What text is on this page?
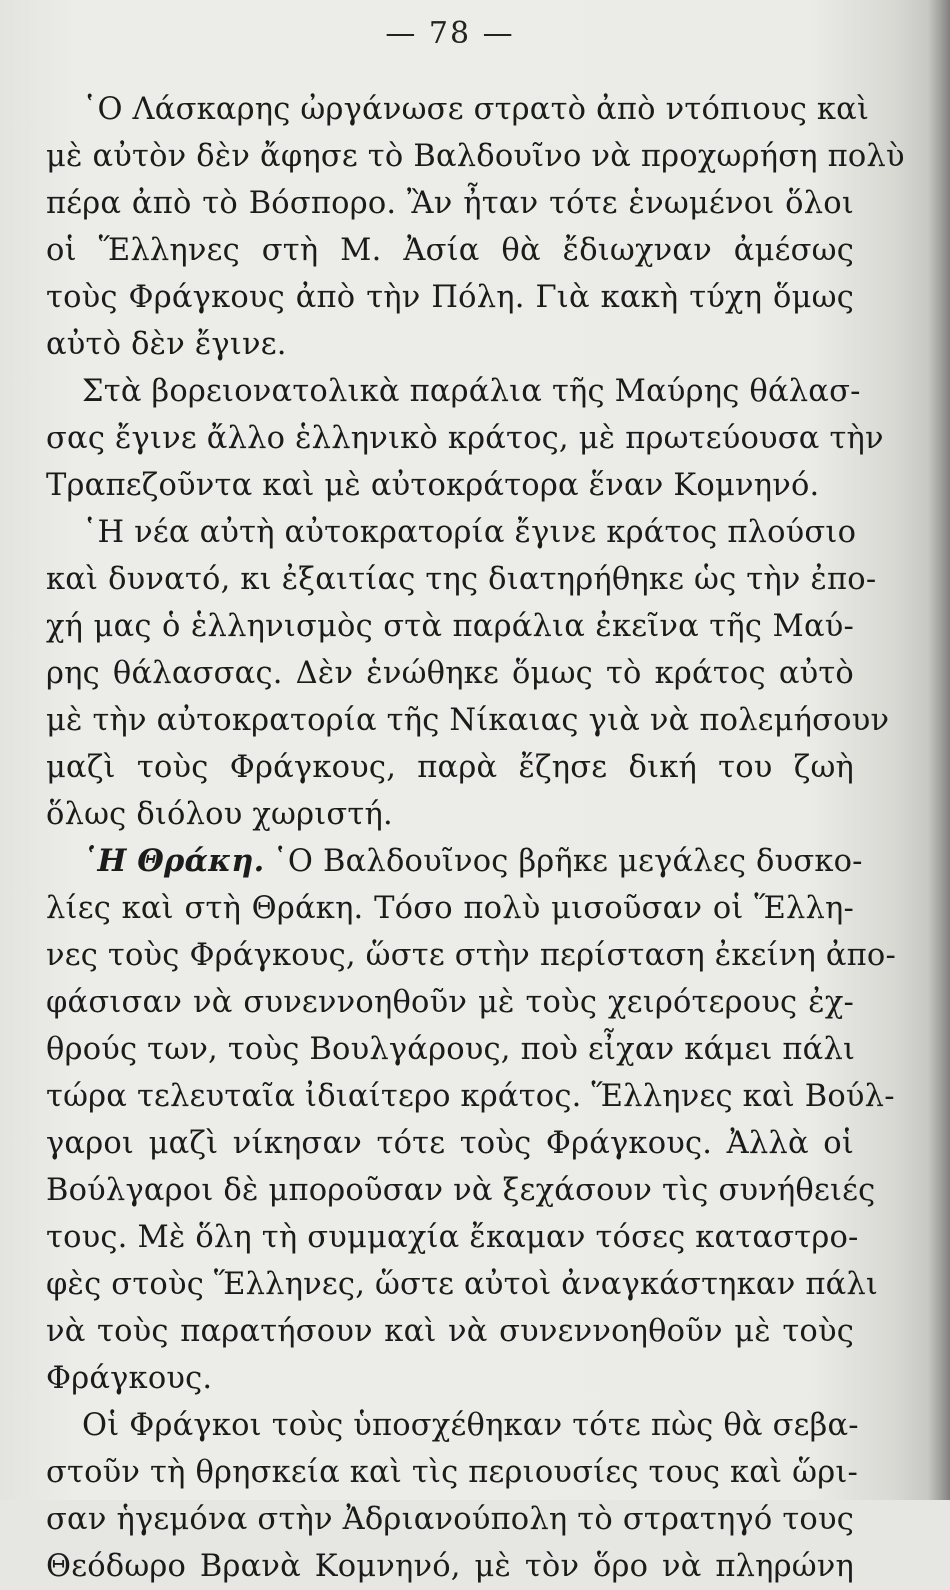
— 78 —
῾Ο Λάσκαρης ὠργάνωσε στρατὸ ἀπὸ ντόπιους καὶ
μὲ αὐτὸν δὲν ἄφησε τὸ Βαλδουῖνο νὰ προχωρήση πολὺ
πέρα ἀπὸ τὸ Βόσπορο. Ἂν ἦταν τότε ἑνωμένοι ὅλοι
οἱ Ἕλληνες στὴ Μ. Ἀσία θὰ ἔδιωχναν ἀμέσως
τοὺς Φράγκους ἀπὸ τὴν Πόλη. Γιὰ κακὴ τύχη ὅμως
αὐτὸ δὲν ἔγινε.
Στὰ βορειονατολικὰ παράλια τῆς Μαύρης θάλασ-
σας ἔγινε ἄλλο ἑλληνικὸ κράτος, μὲ πρωτεύουσα τὴν
Τραπεζοῦντα καὶ μὲ αὐτοκράτορα ἕναν Κομνηνό.
῾Η νέα αὐτὴ αὐτοκρατορία ἔγινε κράτος πλούσιο
καὶ δυνατό, κι ἐξαιτίας της διατηρήθηκε ὡς τὴν ἐπο-
χή μας ὁ ἑλληνισμὸς στὰ παράλια ἐκεῖνα τῆς Μαύ-
ρης θάλασσας. Δὲν ἑνώθηκε ὅμως τὸ κράτος αὐτὸ
μὲ τὴν αὐτοκρατορία τῆς Νίκαιας γιὰ νὰ πολεμήσουν
μαζὶ τοὺς Φράγκους, παρὰ ἔζησε δική του ζωὴ
ὅλως διόλου χωριστή.
῾Η Θράκη. ῾Ο Βαλδουῖνος βρῆκε μεγάλες δυσκο-
λίες καὶ στὴ Θράκη. Τόσο πολὺ μισοῦσαν οἱ Ἕλλη-
νες τοὺς Φράγκους, ὥστε στὴν περίσταση ἐκείνη ἀπο-
φάσισαν νὰ συνεννοηθοῦν μὲ τοὺς χειρότερους ἐχ-
θρούς των, τοὺς Βουλγάρους, ποὺ εἶχαν κάμει πάλι
τώρα τελευταῖα ἰδιαίτερο κράτος. Ἕλληνες καὶ Βούλ-
γαροι μαζὶ νίκησαν τότε τοὺς Φράγκους. Ἀλλὰ οἱ
Βούλγαροι δὲ μποροῦσαν νὰ ξεχάσουν τὶς συνήθειές
τους. Μὲ ὅλη τὴ συμμαχία ἔκαμαν τόσες καταστρο-
φὲς στοὺς Ἕλληνες, ὥστε αὐτοὶ ἀναγκάστηκαν πάλι
νὰ τοὺς παρατήσουν καὶ νὰ συνεννοηθοῦν μὲ τοὺς
Φράγκους.
Οἱ Φράγκοι τοὺς ὑποσχέθηκαν τότε πὼς θὰ σεβα-
στοῦν τὴ θρησκεία καὶ τὶς περιουσίες τους καὶ ὥρι-
σαν ἡγεμόνα στὴν Ἀδριανούπολη τὸ στρατηγό τους
Θεόδωρο Βρανὰ Κομνηνό, μὲ τὸν ὅρο νὰ πληρώνη
